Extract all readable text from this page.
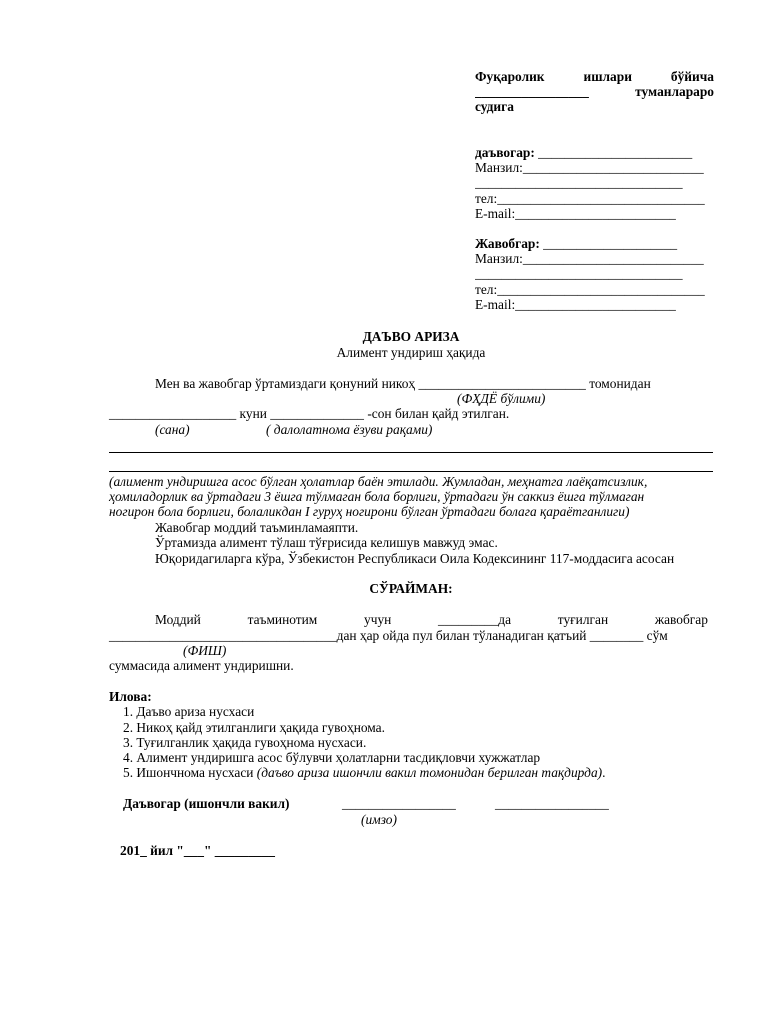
Фуқаролик	ишлари	бўйича
_________________	туманлараро
судига
даъвогар: _______________________
Манзил:___________________________
_______________________________
тел:_______________________________
E-mail:________________________
Жавобгар: ____________________
Манзил:___________________________
_______________________________
тел:_______________________________
E-mail:________________________
ДАЪВО АРИЗА
Алимент ундириш ҳақида
Мен ва жавобгар ўртамиздаги қонуний никоҳ _________________________ томонидан
(ФҲДЁ бўлими)
___________________ куни ______________ -сон билан қайд этилган.
(сана)	( далолатнома ёзуви рақами)
(алимент ундиришга асос бўлган ҳолатлар баён этилади. Жумладан, меҳнатга лаёқатсизлик,
ҳомиладорлик ва ўртадаги 3 ёшга тўлмаган бола борлиги, ўртадаги ўн саккиз ёшга тўлмаган
ногирон бола борлиги, болаликдан I гуруҳ ногирони бўлган ўртадаги болага қараётганлиги)
Жавобгар моддий таъминламаяпти.
Ўртамизда алимент тўлаш тўғрисида келишув мавжуд эмас.
Юқоридагиларга кўра, Ўзбекистон Республикаси Оила Кодексининг 117-моддасига асосан
СЎРАЙМАН:
Моддий	таъминотим	учун	_________да	туғилган	жавобгар
__________________________________дан ҳар ойда пул билан тўланадиган қатъий ________ сўм
(ФИШ)
суммасида алимент ундиришни.
Илова:
1. Даъво ариза нусхаси
2. Никоҳ қайд этилганлиги ҳақида гувоҳнома.
3. Туғилганлик ҳақида гувоҳнома нусхаси.
4. Алимент ундиришга асос бўлувчи ҳолатларни тасдиқловчи хужжатлар
5. Ишончнома нусхаси (даъво ариза ишончли вакил томонидан берилган тақдирда).
Даъвогар (ишончли вакил)	_________________	_________________
(имзо)
201_ йил "___" _________
